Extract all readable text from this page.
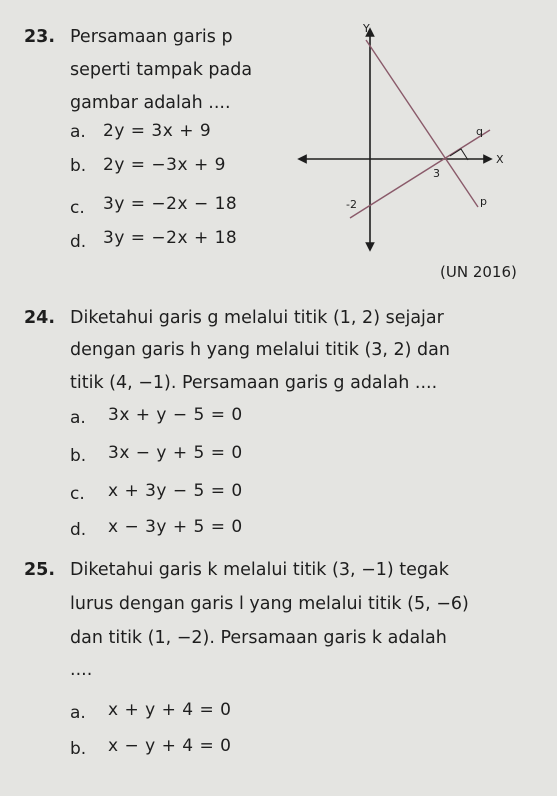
23. Persamaan garis p
seperti tampak pada
gambar adalah ....
a. 2y = 3x + 9
b. 2y = −3x + 9
c. 3y = −2x − 18
d. 3y = −2x + 18
(UN 2016)
Y
X
3
-2
q
p
24. Diketahui garis g melalui titik (1, 2) sejajar
dengan garis h yang melalui titik (3, 2) dan
titik (4, −1). Persamaan garis g adalah ....
a. 3x + y − 5 = 0
b. 3x − y + 5 = 0
c. x + 3y − 5 = 0
d. x − 3y + 5 = 0
25. Diketahui garis k melalui titik (3, −1) tegak
lurus dengan garis l yang melalui titik (5, −6)
dan titik (1, −2). Persamaan garis k adalah
....
a. x + y + 4 = 0
b. x − y + 4 = 0
